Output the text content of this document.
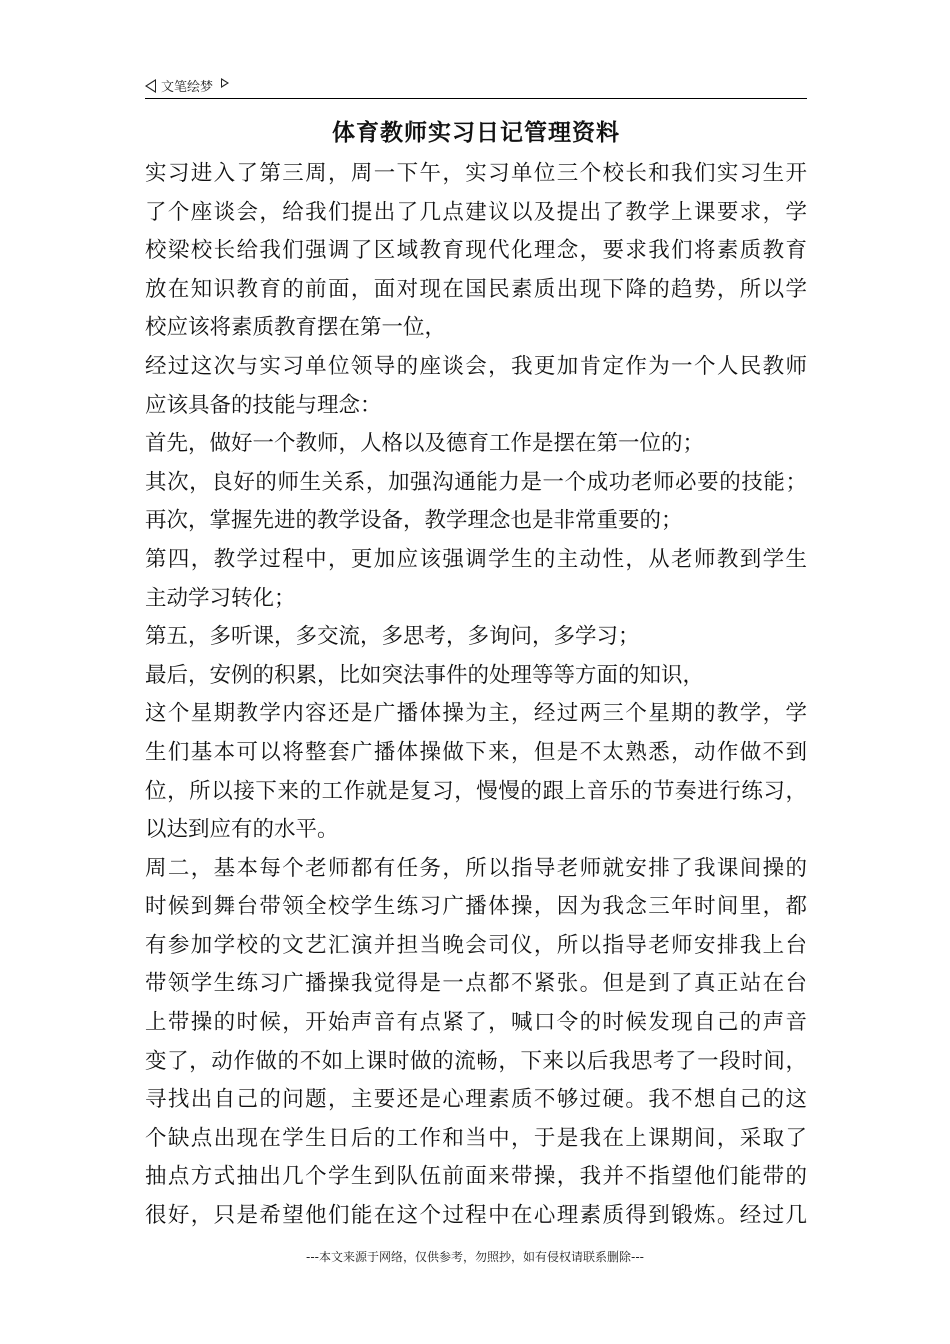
文笔绘梦
体育教师实习日记管理资料
实习进入了第三周，周一下午，实习单位三个校长和我们实习生开
了个座谈会，给我们提出了几点建议以及提出了教学上课要求，学
校梁校长给我们强调了区域教育现代化理念，要求我们将素质教育
放在知识教育的前面，面对现在国民素质出现下降的趋势，所以学
校应该将素质教育摆在第一位，
经过这次与实习单位领导的座谈会，我更加肯定作为一个人民教师
应该具备的技能与理念：
首先，做好一个教师，人格以及德育工作是摆在第一位的；
其次，良好的师生关系，加强沟通能力是一个成功老师必要的技能；
再次，掌握先进的教学设备，教学理念也是非常重要的；
第四，教学过程中，更加应该强调学生的主动性，从老师教到学生
主动学习转化；
第五，多听课，多交流，多思考，多询问，多学习；
最后，安例的积累，比如突法事件的处理等等方面的知识，
这个星期教学内容还是广播体操为主，经过两三个星期的教学，学
生们基本可以将整套广播体操做下来，但是不太熟悉，动作做不到
位，所以接下来的工作就是复习，慢慢的跟上音乐的节奏进行练习，
以达到应有的水平。
周二，基本每个老师都有任务，所以指导老师就安排了我课间操的
时候到舞台带领全校学生练习广播体操，因为我念三年时间里，都
有参加学校的文艺汇演并担当晚会司仪，所以指导老师安排我上台
带领学生练习广播操我觉得是一点都不紧张。但是到了真正站在台
上带操的时候，开始声音有点紧了，喊口令的时候发现自己的声音
变了，动作做的不如上课时做的流畅，下来以后我思考了一段时间，
寻找出自己的问题，主要还是心理素质不够过硬。我不想自己的这
个缺点出现在学生日后的工作和当中，于是我在上课期间，采取了
抽点方式抽出几个学生到队伍前面来带操，我并不指望他们能带的
很好，只是希望他们能在这个过程中在心理素质得到锻炼。经过几
---本文来源于网络，仅供参考，勿照抄，如有侵权请联系删除---
